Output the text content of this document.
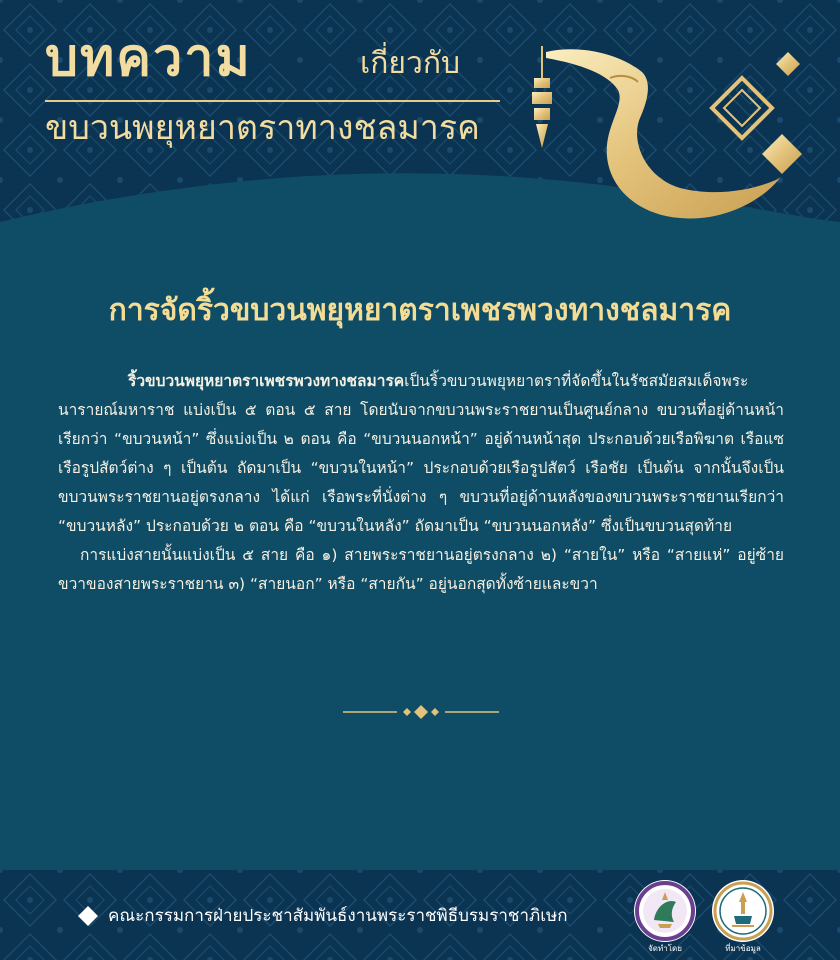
บทความ	เกี่ยวกับ
ขบวนพยุหยาตราทางชลมารค
การจัดริ้วขบวนพยุหยาตราเพชรพวงทางชลมารค

ริ้วขบวนพยุหยาตราเพชรพวงทางชลมารคเป็นริ้วขบวนพยุหยาตราที่จัดขึ้นในรัชสมัยสมเด็จพระนารายณ์มหาราช แบ่งเป็น ๕ ตอน ๕ สาย โดยนับจากขบวนพระราชยานเป็นศูนย์กลาง ขบวนที่อยู่ด้านหน้าเรียกว่า “ขบวนหน้า” ซึ่งแบ่งเป็น ๒ ตอน คือ “ขบวนนอกหน้า” อยู่ด้านหน้าสุด ประกอบด้วยเรือพิฆาต เรือแซ เรือรูปสัตว์ต่าง ๆ เป็นต้น ถัดมาเป็น “ขบวนในหน้า” ประกอบด้วยเรือรูปสัตว์ เรือชัย เป็นต้น จากนั้นจึงเป็นขบวนพระราชยานอยู่ตรงกลาง ได้แก่ เรือพระที่นั่งต่าง ๆ ขบวนที่อยู่ด้านหลังของขบวนพระราชยานเรียกว่า “ขบวนหลัง” ประกอบด้วย ๒ ตอน คือ “ขบวนในหลัง” ถัดมาเป็น “ขบวนนอกหลัง” ซึ่งเป็นขบวนสุดท้าย

การแบ่งสายนั้นแบ่งเป็น ๕ สาย คือ ๑) สายพระราชยานอยู่ตรงกลาง ๒) “สายใน” หรือ “สายแห่” อยู่ซ้ายขวาของสายพระราชยาน ๓) “สายนอก” หรือ “สายกัน” อยู่นอกสุดทั้งซ้ายและขวา

คณะกรรมการฝ่ายประชาสัมพันธ์งานพระราชพิธีบรมราชาภิเษก
จัดทำโดย	ที่มาข้อมูล
